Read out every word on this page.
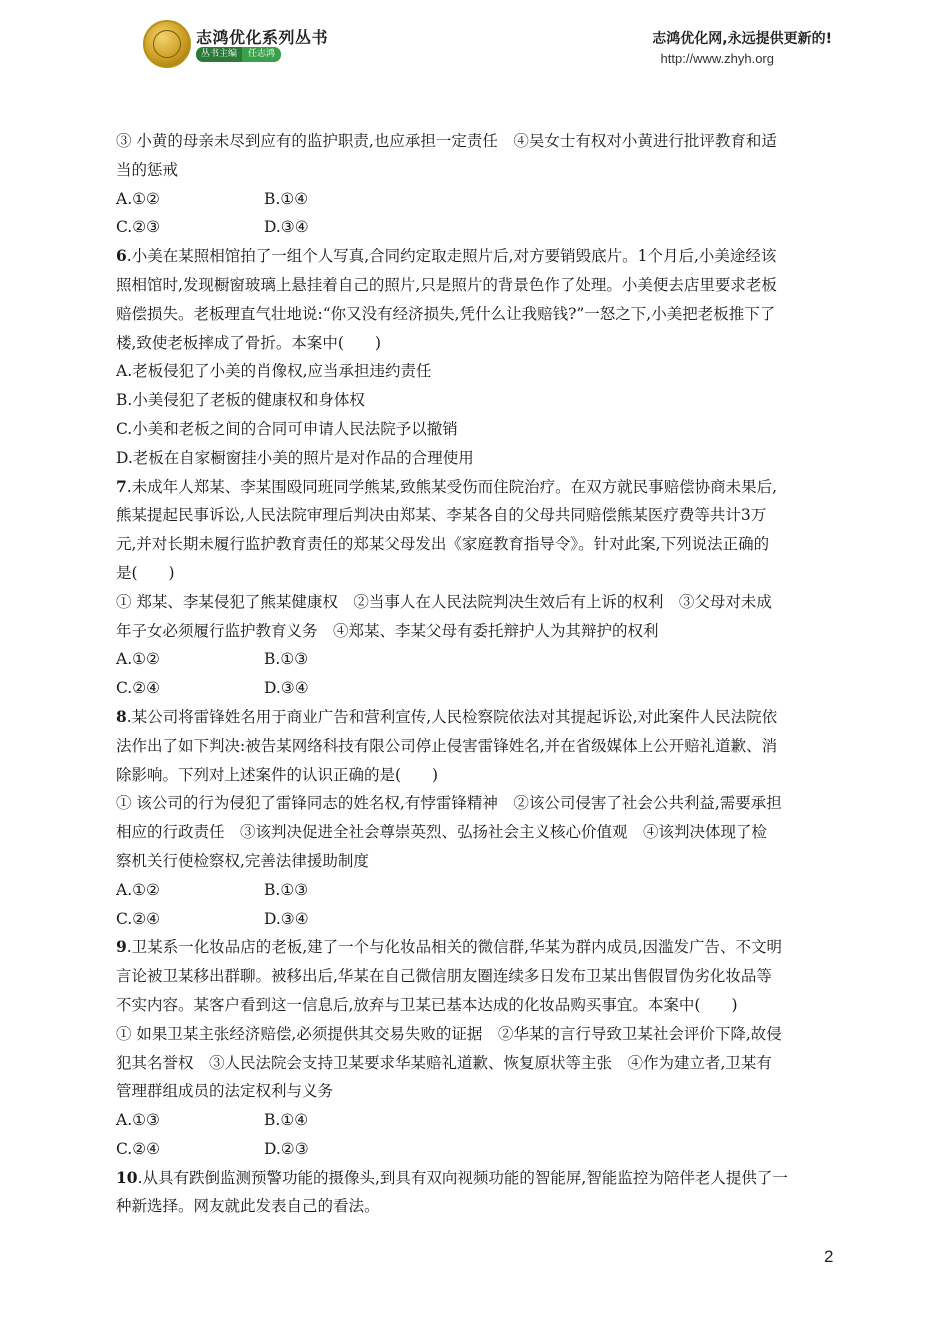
志鸿优化系列丛书
丛书主编	任志鸿
志鸿优化网,永远提供更新的!
http://www.zhyh.org
③ 小黄的母亲未尽到应有的监护职责,也应承担一定责任　④吴女士有权对小黄进行批评教育和适
当的惩戒
A.①②	B.①④
C.②③	D.③④
6.小美在某照相馆拍了一组个人写真,合同约定取走照片后,对方要销毁底片。1个月后,小美途经该
照相馆时,发现橱窗玻璃上悬挂着自己的照片,只是照片的背景色作了处理。小美便去店里要求老板
赔偿损失。老板理直气壮地说:“你又没有经济损失,凭什么让我赔钱?”一怒之下,小美把老板推下了
楼,致使老板摔成了骨折。本案中(　　)
A.老板侵犯了小美的肖像权,应当承担违约责任
B.小美侵犯了老板的健康权和身体权
C.小美和老板之间的合同可申请人民法院予以撤销
D.老板在自家橱窗挂小美的照片是对作品的合理使用
7.未成年人郑某、李某围殴同班同学熊某,致熊某受伤而住院治疗。在双方就民事赔偿协商未果后,
熊某提起民事诉讼,人民法院审理后判决由郑某、李某各自的父母共同赔偿熊某医疗费等共计3万
元,并对长期未履行监护教育责任的郑某父母发出《家庭教育指导令》。针对此案,下列说法正确的
是(　　)
① 郑某、李某侵犯了熊某健康权　②当事人在人民法院判决生效后有上诉的权利　③父母对未成
年子女必须履行监护教育义务　④郑某、李某父母有委托辩护人为其辩护的权利
A.①②	B.①③
C.②④	D.③④
8.某公司将雷锋姓名用于商业广告和营利宣传,人民检察院依法对其提起诉讼,对此案件人民法院依
法作出了如下判决:被告某网络科技有限公司停止侵害雷锋姓名,并在省级媒体上公开赔礼道歉、消
除影响。下列对上述案件的认识正确的是(　　)
① 该公司的行为侵犯了雷锋同志的姓名权,有悖雷锋精神　②该公司侵害了社会公共利益,需要承担
相应的行政责任　③该判决促进全社会尊崇英烈、弘扬社会主义核心价值观　④该判决体现了检
察机关行使检察权,完善法律援助制度
A.①②	B.①③
C.②④	D.③④
9.卫某系一化妆品店的老板,建了一个与化妆品相关的微信群,华某为群内成员,因滥发广告、不文明
言论被卫某移出群聊。被移出后,华某在自己微信朋友圈连续多日发布卫某出售假冒伪劣化妆品等
不实内容。某客户看到这一信息后,放弃与卫某已基本达成的化妆品购买事宜。本案中(　　)
① 如果卫某主张经济赔偿,必须提供其交易失败的证据　②华某的言行导致卫某社会评价下降,故侵
犯其名誉权　③人民法院会支持卫某要求华某赔礼道歉、恢复原状等主张　④作为建立者,卫某有
管理群组成员的法定权利与义务
A.①③	B.①④
C.②④	D.②③
10.从具有跌倒监测预警功能的摄像头,到具有双向视频功能的智能屏,智能监控为陪伴老人提供了一
种新选择。网友就此发表自己的看法。
2
